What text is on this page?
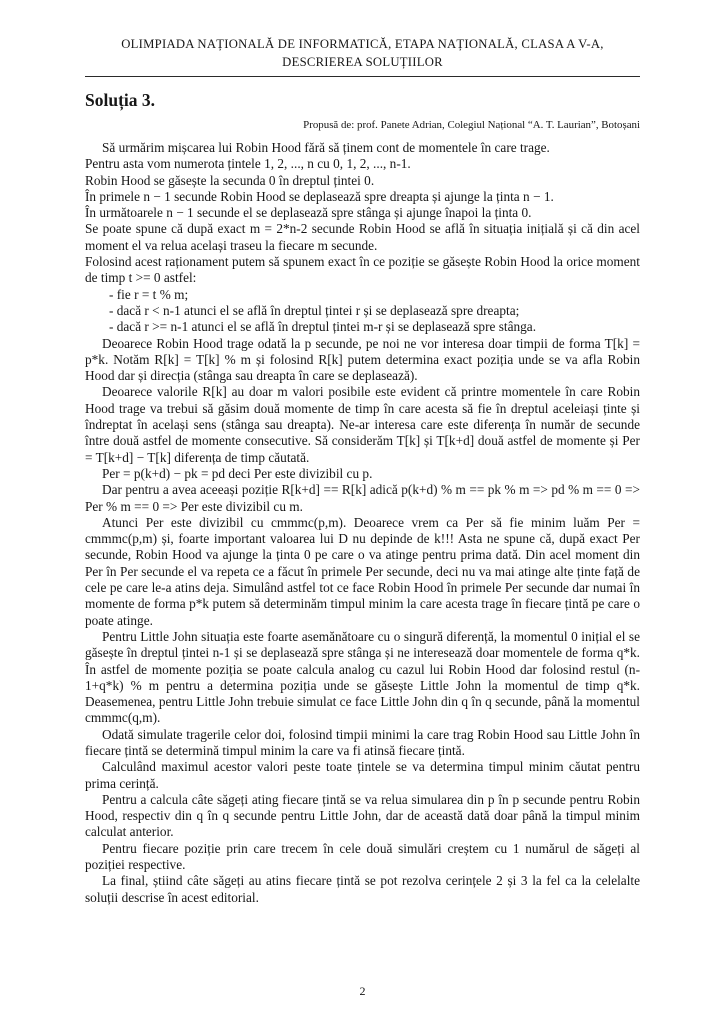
OLIMPIADA NAȚIONALĂ DE INFORMATICĂ, ETAPA NAȚIONALĂ, CLASA A V-A,
DESCRIEREA SOLUȚIILOR
Soluția 3.
Propusă de: prof. Panete Adrian, Colegiul Național “A. T. Laurian”, Botoșani

Să urmărim mișcarea lui Robin Hood fără să ținem cont de momentele în care trage.

Pentru asta vom numerota țintele 1, 2, ..., n cu 0, 1, 2, ..., n-1.

Robin Hood se găsește la secunda 0 în dreptul țintei 0.

În primele n − 1 secunde Robin Hood se deplasează spre dreapta și ajunge la ținta n − 1.

În următoarele n − 1 secunde el se deplasează spre stânga și ajunge înapoi la ținta 0.

Se poate spune că după exact m = 2*n-2 secunde Robin Hood se află în situația inițială și că din acel moment el va relua același traseu la fiecare m secunde.

Folosind acest raționament putem să spunem exact în ce poziție se găsește Robin Hood la orice moment de timp t >= 0 astfel:

- fie r = t % m;

- dacă r < n-1 atunci el se află în dreptul țintei r și se deplasează spre dreapta;

- dacă r >= n-1 atunci el se află în dreptul țintei m-r și se deplasează spre stânga.

Deoarece Robin Hood trage odată la p secunde, pe noi ne vor interesa doar timpii de forma T[k] = p*k. Notăm R[k] = T[k] % m și folosind R[k] putem determina exact poziția unde se va afla Robin Hood dar și direcția (stânga sau dreapta în care se deplasează).

Deoarece valorile R[k] au doar m valori posibile este evident că printre momentele în care Robin Hood trage va trebui să găsim două momente de timp în care acesta să fie în dreptul aceleiași ținte și îndreptat în același sens (stânga sau dreapta). Ne-ar interesa care este diferența în număr de secunde între două astfel de momente consecutive. Să considerăm T[k] și T[k+d] două astfel de momente și Per = T[k+d] − T[k] diferența de timp căutată.

Per = p(k+d) − pk = pd deci Per este divizibil cu p.

Dar pentru a avea aceeași poziție R[k+d] == R[k] adică p(k+d) % m == pk % m => pd % m == 0 => Per % m == 0 => Per este divizibil cu m.

Atunci Per este divizibil cu cmmmc(p,m). Deoarece vrem ca Per să fie minim luăm Per = cmmmc(p,m) și, foarte important valoarea lui D nu depinde de k!!! Asta ne spune că, după exact Per secunde, Robin Hood va ajunge la ținta 0 pe care o va atinge pentru prima dată. Din acel moment din Per în Per secunde el va repeta ce a făcut în primele Per secunde, deci nu va mai atinge alte ținte față de cele pe care le-a atins deja. Simulând astfel tot ce face Robin Hood în primele Per secunde dar numai în momente de forma p*k putem să determinăm timpul minim la care acesta trage în fiecare țintă pe care o poate atinge.

Pentru Little John situația este foarte asemănătoare cu o singură diferență, la momentul 0 inițial el se găsește în dreptul țintei n-1 și se deplasează spre stânga și ne interesează doar momentele de forma q*k. În astfel de momente poziția se poate calcula analog cu cazul lui Robin Hood dar folosind restul (n-1+q*k) % m pentru a determina poziția unde se găsește Little John la momentul de timp q*k. Deasemenea, pentru Little John trebuie simulat ce face Little John din q în q secunde, până la momentul cmmmc(q,m).

Odată simulate tragerile celor doi, folosind timpii minimi la care trag Robin Hood sau Little John în fiecare țintă se determină timpul minim la care va fi atinsă fiecare țintă.

Calculând maximul acestor valori peste toate țintele se va determina timpul minim căutat pentru prima cerință.

Pentru a calcula câte săgeți ating fiecare țintă se va relua simularea din p în p secunde pentru Robin Hood, respectiv din q în q secunde pentru Little John, dar de această dată doar până la timpul minim calculat anterior.

Pentru fiecare poziție prin care trecem în cele două simulări creștem cu 1 numărul de săgeți al poziției respective.

La final, știind câte săgeți au atins fiecare țintă se pot rezolva cerințele 2 și 3 la fel ca la celelalte soluții descrise în acest editorial.

2
